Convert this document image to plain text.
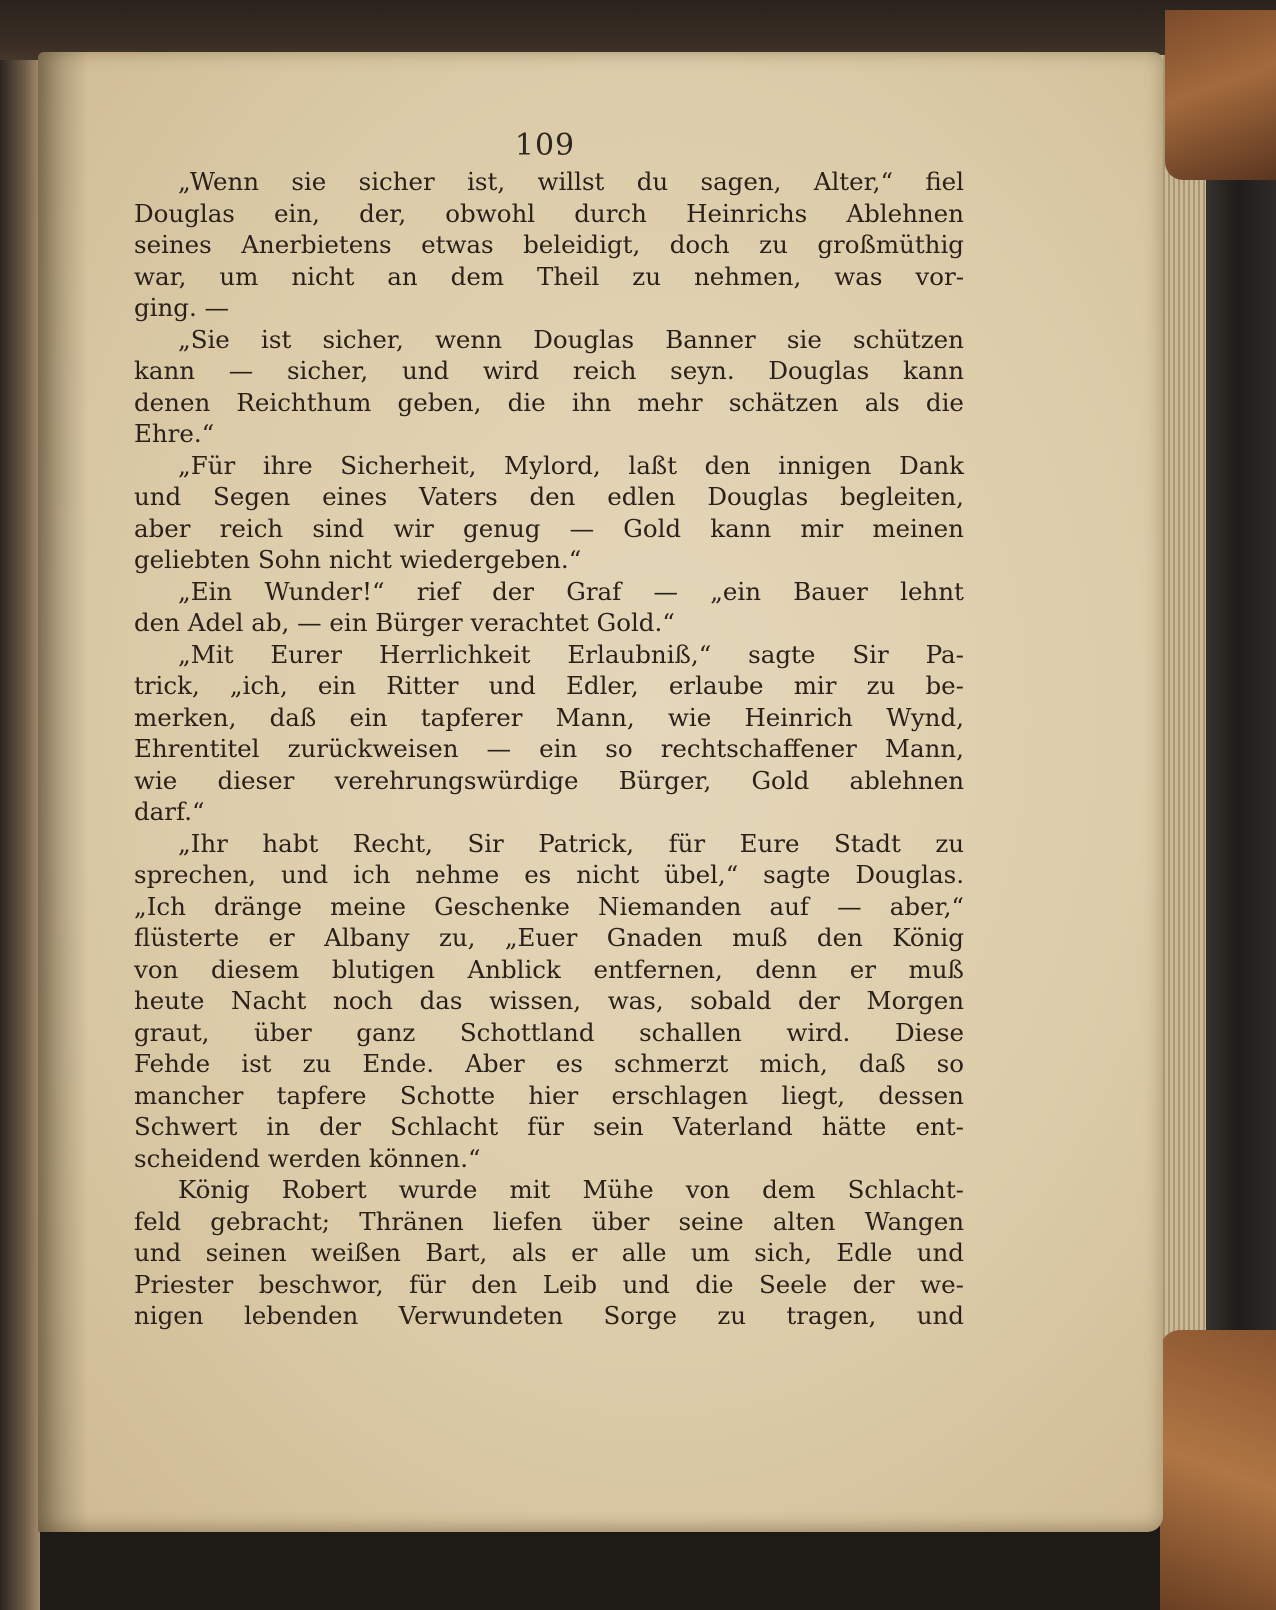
109
„Wenn sie sicher ist, willst du sagen, Alter,“ fiel
Douglas ein, der, obwohl durch Heinrichs Ablehnen
seines Anerbietens etwas beleidigt, doch zu großmüthig
war, um nicht an dem Theil zu nehmen, was vor-
ging. —
„Sie ist sicher, wenn Douglas Banner sie schützen
kann — sicher, und wird reich seyn. Douglas kann
denen Reichthum geben, die ihn mehr schätzen als die
Ehre.“
„Für ihre Sicherheit, Mylord, laßt den innigen Dank
und Segen eines Vaters den edlen Douglas begleiten,
aber reich sind wir genug — Gold kann mir meinen
geliebten Sohn nicht wiedergeben.“
„Ein Wunder!“ rief der Graf — „ein Bauer lehnt
den Adel ab, — ein Bürger verachtet Gold.“
„Mit Eurer Herrlichkeit Erlaubniß,“ sagte Sir Pa-
trick, „ich, ein Ritter und Edler, erlaube mir zu be-
merken, daß ein tapferer Mann, wie Heinrich Wynd,
Ehrentitel zurückweisen — ein so rechtschaffener Mann,
wie dieser verehrungswürdige Bürger, Gold ablehnen
darf.“
„Ihr habt Recht, Sir Patrick, für Eure Stadt zu
sprechen, und ich nehme es nicht übel,“ sagte Douglas.
„Ich dränge meine Geschenke Niemanden auf — aber,“
flüsterte er Albany zu, „Euer Gnaden muß den König
von diesem blutigen Anblick entfernen, denn er muß
heute Nacht noch das wissen, was, sobald der Morgen
graut, über ganz Schottland schallen wird. Diese
Fehde ist zu Ende. Aber es schmerzt mich, daß so
mancher tapfere Schotte hier erschlagen liegt, dessen
Schwert in der Schlacht für sein Vaterland hätte ent-
scheidend werden können.“
König Robert wurde mit Mühe von dem Schlacht-
feld gebracht; Thränen liefen über seine alten Wangen
und seinen weißen Bart, als er alle um sich, Edle und
Priester beschwor, für den Leib und die Seele der we-
nigen lebenden Verwundeten Sorge zu tragen, und
